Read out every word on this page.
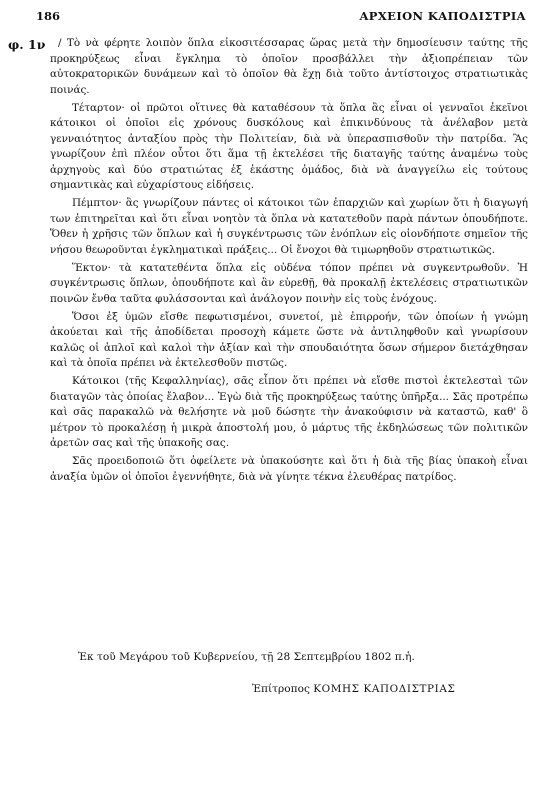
186	ΑΡΧΕΙΟΝ ΚΑΠΟΔΙΣΤΡΙΑ
φ. 1ν	/ Τὸ νὰ φέρητε λοιπὸν ὅπλα εἰκοσιτέσσαρας ὥρας μετὰ τὴν δημοσίευσιν ταύτης τῆς προκηρύξεως εἶναι ἔγκλημα τὸ ὁποῖον προσβάλλει τὴν ἀξιοπρέπειαν τῶν αὐτοκρατορικῶν δυνάμεων καὶ τὸ ὁποῖον θὰ ἔχῃ διὰ τοῦτο ἀντίστοιχος στρατιωτικὰς ποινάς.

Τέταρτον· οἱ πρῶτοι οἵτινες θὰ καταθέσουν τὰ ὅπλα ἃς εἶναι οἱ γενναῖοι ἐκεῖνοι κάτοικοι οἱ ὁποῖοι εἰς χρόνους δυσκόλους καὶ ἐπικινδύνους τὰ ἀνέλαβον μετὰ γενναιότητος ἀνταξίου πρὸς τὴν Πολιτείαν, διὰ νὰ ὑπερασπισθοῦν τὴν πατρίδα. Ἂς γνωρίζουν ἐπὶ πλέον οὗτοι ὅτι ἅμα τῇ ἐκτελέσει τῆς διαταγῆς ταύτης ἀναμένω τοὺς ἀρχηγοὺς καὶ δύο στρατιώτας ἐξ ἑκάστης ὁμάδος, διὰ νὰ ἀναγγείλω εἰς τούτους σημαντικὰς καὶ εὐχαρίστους εἰδήσεις.

Πέμπτον· ἃς γνωρίζουν πάντες οἱ κάτοικοι τῶν ἐπαρχιῶν καὶ χωρίων ὅτι ἡ διαγωγή των ἐπιτηρεῖται καὶ ὅτι εἶναι νοητὸν τὰ ὅπλα νὰ κατατεθοῦν παρὰ πάντων ὁπουδήποτε. Ὅθεν ἡ χρῆσις τῶν ὅπλων καὶ ἡ συγκέντρωσις τῶν ἐνόπλων εἰς οἱονδήποτε σημεῖον τῆς νήσου θεωροῦνται ἐγκληματικαὶ πράξεις... Οἱ ἔνοχοι θὰ τιμωρηθοῦν στρατιωτικῶς.

Ἕκτον· τὰ κατατεθέντα ὅπλα εἰς οὐδένα τόπον πρέπει νὰ συγκεντρωθοῦν. Ἡ συγκέντρωσις ὅπλων, ὁπουδήποτε καὶ ἂν εὑρεθῇ, θὰ προκαλῇ ἐκτελέσεις στρατιωτικῶν ποινῶν ἔνθα ταῦτα φυλάσσονται καὶ ἀνάλογον ποινὴν εἰς τοὺς ἐνόχους.

Ὅσοι ἐξ ὑμῶν εἴσθε πεφωτισμένοι, συνετοί, μὲ ἐπιρροήν, τῶν ὁποίων ἡ γνώμη ἀκούεται καὶ τῆς ἀποδίδεται προσοχὴ κάμετε ὥστε νὰ ἀντιληφθοῦν καὶ γνωρίσουν καλῶς οἱ ἁπλοῖ καὶ καλοὶ τὴν ἀξίαν καὶ τὴν σπουδαιότητα ὅσων σήμερον διετάχθησαν καὶ τὰ ὁποῖα πρέπει νὰ ἐκτελεσθοῦν πιστῶς.

Κάτοικοι ⟨τῆς Κεφαλληνίας⟩, σᾶς εἶπον ὅτι πρέπει νὰ εἴσθε πιστοὶ ἐκτελεσταὶ τῶν διαταγῶν τὰς ὁποίας ἔλαβον... Ἐγὼ διὰ τῆς προκηρύξεως ταύτης ὑπῆρξα... Σᾶς προτρέπω καὶ σᾶς παρακαλῶ νὰ θελήσητε νὰ μοῦ δώσητε τὴν ἀνακούφισιν νὰ καταστῶ, καθ' ὃ μέτρον τὸ προκαλέσῃ ἡ μικρὰ ἀποστολή μου, ὁ μάρτυς τῆς ἐκδηλώσεως τῶν πολιτικῶν ἀρετῶν σας καὶ τῆς ὑπακοῆς σας.

Σᾶς προειδοποιῶ ὅτι ὀφείλετε νὰ ὑπακούσητε καὶ ὅτι ἡ διὰ τῆς βίας ὑπακοὴ εἶναι ἀναξία ὑμῶν οἱ ὁποῖοι ἐγεννήθητε, διὰ νὰ γίνητε τέκνα ἐλευθέρας πατρίδος.

Ἐκ τοῦ Μεγάρου τοῦ Κυβερνείου, τῇ 28 Σεπτεμβρίου 1802 π.ἡ.
Ἐπίτροπος ΚΟΜΗΣ ΚΑΠΟΔΙΣΤΡΙΑΣ
